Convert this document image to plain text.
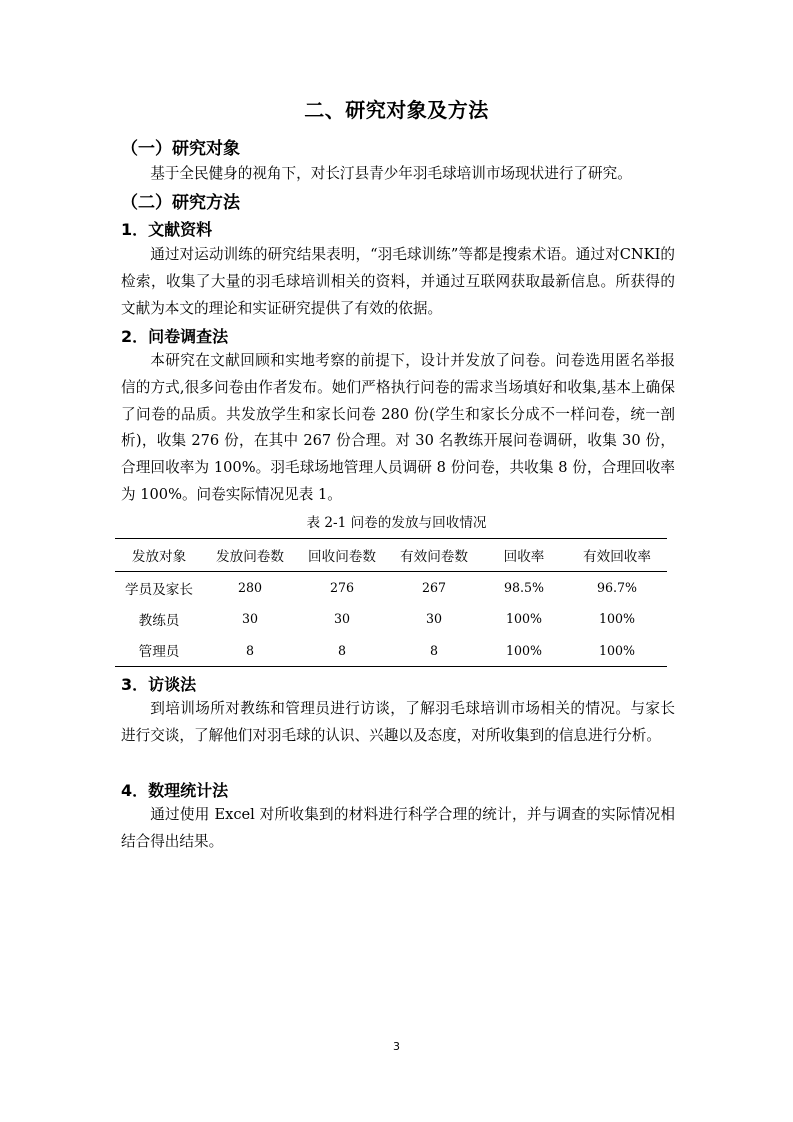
二、研究对象及方法
（一）研究对象
基于全民健身的视角下，对长汀县青少年羽毛球培训市场现状进行了研究。
（二）研究方法
1．文献资料
通过对运动训练的研究结果表明，“羽毛球训练”等都是搜索术语。通过对CNKI的检索，收集了大量的羽毛球培训相关的资料，并通过互联网获取最新信息。所获得的文献为本文的理论和实证研究提供了有效的依据。
2．问卷调查法
本研究在文献回顾和实地考察的前提下，设计并发放了问卷。问卷选用匿名举报信的方式,很多问卷由作者发布。她们严格执行问卷的需求当场填好和收集,基本上确保了问卷的品质。共发放学生和家长问卷 280 份(学生和家长分成不一样问卷，统一剖析)，收集 276 份，在其中 267 份合理。对 30 名教练开展问卷调研，收集 30 份，合理回收率为 100%。羽毛球场地管理人员调研 8 份问卷，共收集 8 份，合理回收率为 100%。问卷实际情况见表 1。
表 2-1 问卷的发放与回收情况
发放对象	发放问卷数	回收问卷数	有效问卷数	回收率	有效回收率
学员及家长	280	276	267	98.5%	96.7%
教练员	30	30	30	100%	100%
管理员	8	8	8	100%	100%
3．访谈法
到培训场所对教练和管理员进行访谈，了解羽毛球培训市场相关的情况。与家长进行交谈，了解他们对羽毛球的认识、兴趣以及态度，对所收集到的信息进行分析。
4．数理统计法
通过使用 Excel 对所收集到的材料进行科学合理的统计，并与调查的实际情况相结合得出结果。
3
